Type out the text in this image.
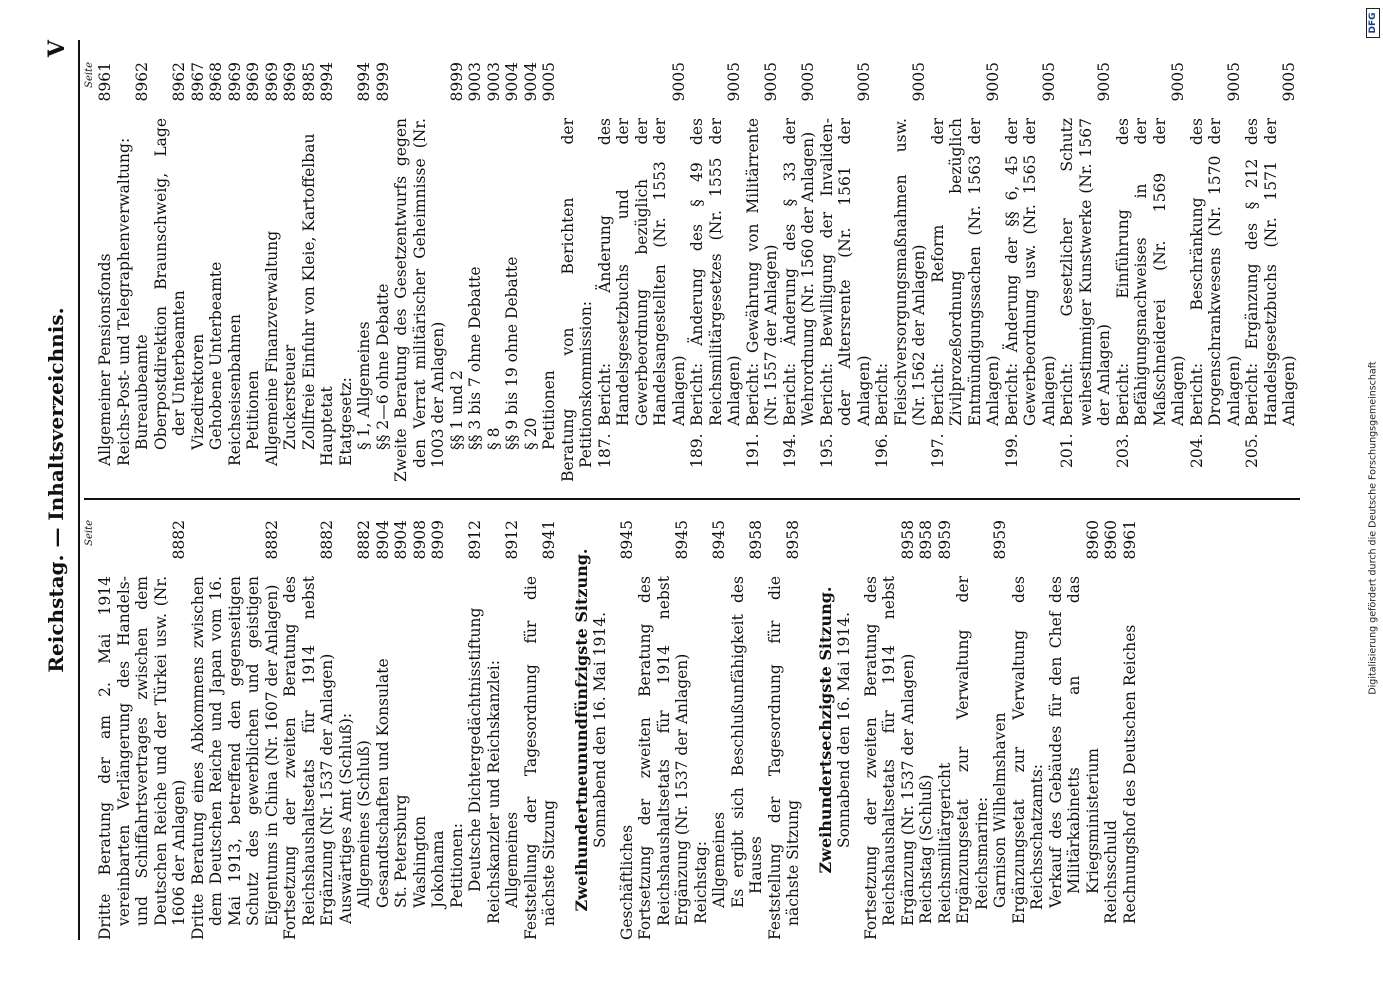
Reichstag. — Inhaltsverzeichnis.
V
Seite
Dritte Beratung der am 2. Mai 1914 vereinbarten Verlängerung des Handels- und Schiffahrtsvertrages zwischen dem Deutschen Reiche und der Türkei usw. (Nr. 1606 der Anlagen)
8882
Dritte Beratung eines Abkommens zwischen dem Deutschen Reiche und Japan vom 16. Mai 1913, betreffend den gegenseitigen Schutz des gewerblichen und geistigen Eigentums in China (Nr. 1607 der Anlagen)
8882
Fortsetzung der zweiten Beratung des Reichshaushaltsetats für 1914 nebst Ergänzung (Nr. 1537 der Anlagen)
8882
Auswärtiges Amt (Schluß): Allgemeines (Schluß)
8882
Gesandtschaften und Konsulate
8904
St. Petersburg
8904
Washington
8908
Jokohama
8909
Petitionen: Deutsche Dichtergedächtnisstiftung
8912
Reichskanzler und Reichskanzlei: Allgemeines
8912
Feststellung der Tagesordnung für die nächste Sitzung
8941
Zweihundertneunundfünfzigste Sitzung. Sonnabend den 16. Mai 1914.
Geschäftliches
8945
Fortsetzung der zweiten Beratung des Reichshaushaltsetats für 1914 nebst Ergänzung (Nr. 1537 der Anlagen)
8945
Reichstag: Allgemeines
8945
Es ergibt sich Beschlußunfähigkeit des Hauses
8958
Feststellung der Tagesordnung für die nächste Sitzung
8958
Zweihundertsechzigste Sitzung. Sonnabend den 16. Mai 1914. Fortsetzung der zweiten Beratung des Reichshaushaltsetats für 1914 nebst Ergänzung (Nr. 1537 der Anlagen)
8958
Reichstag (Schluß)
8958
Reichsmilitärgericht
8959
Ergänzungsetat zur Verwaltung der Reichsmarine: Garnison Wilhelmshaven
8959
Ergänzungsetat zur Verwaltung des Reichsschatzamts: Verkauf des Gebäudes für den Chef des Militärkabinetts an das Kriegsministerium
8960
Reichsschuld
8960
Rechnungshof des Deutschen Reiches
8961
Seite
Allgemeiner Pensionsfonds
8961
Reichs-Post- und Telegraphenverwaltung: Bureaubeamte
8962
Oberpostdirektion Braunschweig, Lage der Unterbeamten
8962
Vizedirektoren
8967
Gehobene Unterbeamte
8968
Reichseisenbahnen
8969
Petitionen
8969
Allgemeine Finanzverwaltung
8969
Zuckersteuer
8969
Zollfreie Einfuhr von Kleie, Kartoffelbau
8985
Hauptetat
8994
Etatgesetz: § 1, Allgemeines
8994
§§ 2—6 ohne Debatte
8999
Zweite Beratung des Gesetzentwurfs gegen den Verrat militärischer Geheimnisse (Nr. 1003 der Anlagen) §§ 1 und 2
8999
§§ 3 bis 7 ohne Debatte
9003
§ 8
9003
§§ 9 bis 19 ohne Debatte
9004
§ 20
9004
Petitionen
9005
Beratung von Berichten der Petitionskommission: 187.Bericht: Änderung des Handelsgesetzbuchs und der Gewerbeordnung bezüglich der Handelsangestellten (Nr. 1553 der Anlagen)
9005
189.Bericht: Änderung des § 49 des Reichsmilitärgesetzes (Nr. 1555 der Anlagen)
9005
191.Bericht: Gewährung von Militärrente (Nr. 1557 der Anlagen)
9005
194.Bericht: Änderung des § 33 der Wehrordnung (Nr. 1560 der Anlagen)
9005
195.Bericht: Bewilligung der Invaliden- oder Altersrente (Nr. 1561 der Anlagen)
9005
196.Bericht: Fleischversorgungsmaßnahmen usw. (Nr. 1562 der Anlagen)
9005
197.Bericht: Reform der Zivilprozeßordnung bezüglich Entmündigungssachen (Nr. 1563 der Anlagen)
9005
199.Bericht: Änderung der §§ 6, 45 der Gewerbeordnung usw. (Nr. 1565 der Anlagen)
9005
201.Bericht: Gesetzlicher Schutz weihestimmiger Kunstwerke (Nr. 1567 der Anlagen)
9005
203.Bericht: Einführung des Befähigungsnachweises in der Maßschneiderei (Nr. 1569 der Anlagen)
9005
204.Bericht: Beschränkung des Drogenschrankwesens (Nr. 1570 der Anlagen)
9005
205.Bericht: Ergänzung des § 212 des Handelsgesetzbuchs (Nr. 1571 der Anlagen)
9005
DFG
Digitalisierung gefördert durch die Deutsche Forschungsgemeinschaft
